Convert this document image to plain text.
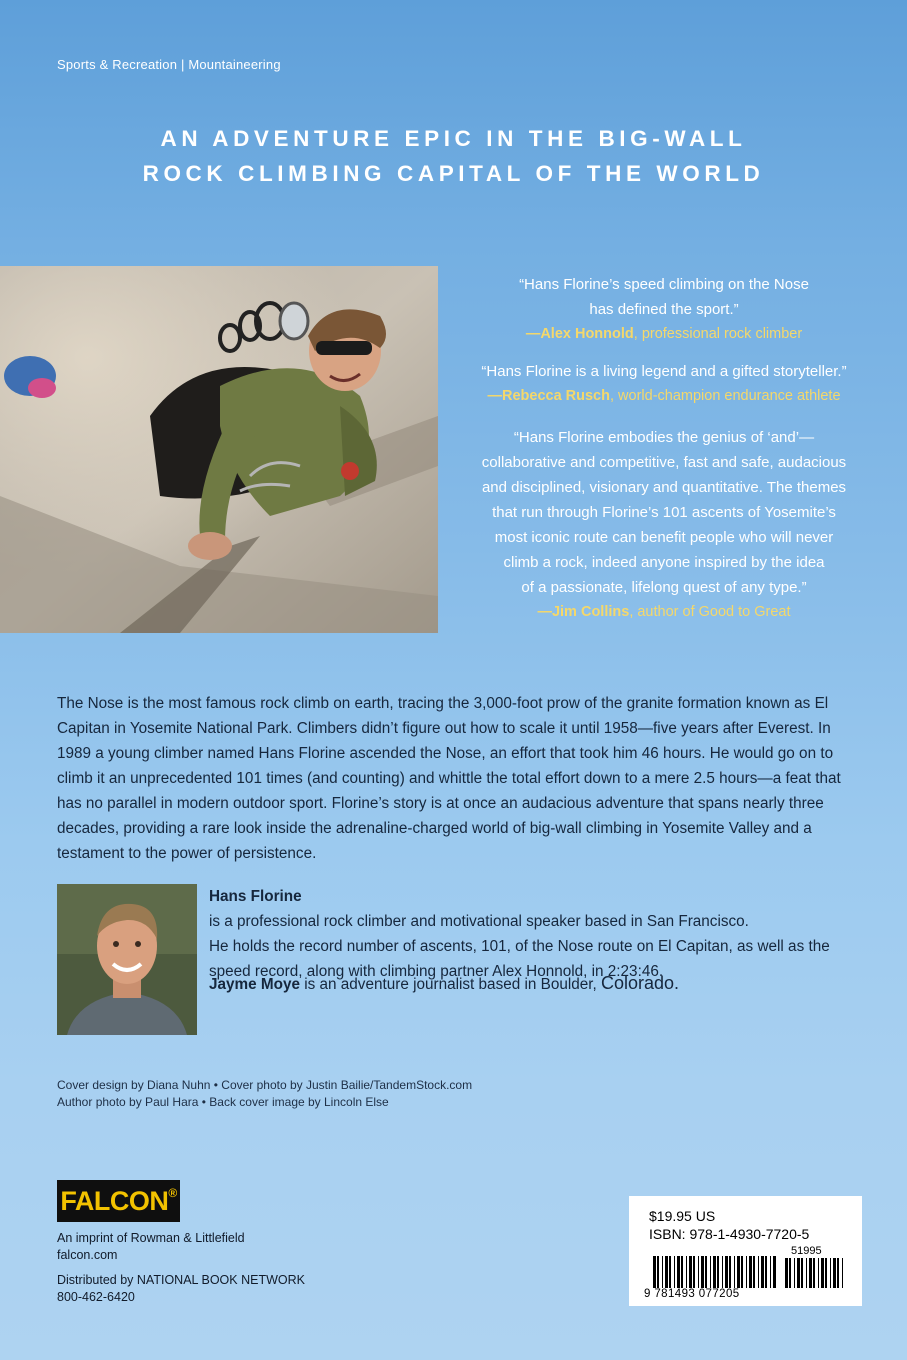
Sports & Recreation | Mountaineering
AN ADVENTURE EPIC IN THE BIG-WALL
ROCK CLIMBING CAPITAL OF THE WORLD
“Hans Florine’s speed climbing on the Nose
has defined the sport.”
—Alex Honnold, professional rock climber
“Hans Florine is a living legend and a gifted storyteller.”
—Rebecca Rusch, world-champion endurance athlete
“Hans Florine embodies the genius of ‘and’—
collaborative and competitive, fast and safe, audacious
and disciplined, visionary and quantitative. The themes
that run through Florine’s 101 ascents of Yosemite’s
most iconic route can benefit people who will never
climb a rock, indeed anyone inspired by the idea
of a passionate, lifelong quest of any type.”
—Jim Collins, author of Good to Great
The Nose is the most famous rock climb on earth, tracing the 3,000-foot prow of the granite formation known as El
Capitan in Yosemite National Park. Climbers didn’t figure out how to scale it until 1958—five years after Everest. In
1989 a young climber named Hans Florine ascended the Nose, an effort that took him 46 hours. He would go on to
climb it an unprecedented 101 times (and counting) and whittle the total effort down to a mere 2.5 hours—a feat that
has no parallel in modern outdoor sport. Florine’s story is at once an audacious adventure that spans nearly three
decades, providing a rare look inside the adrenaline-charged world of big-wall climbing in Yosemite Valley and a
testament to the power of persistence.
Hans Florine
is a professional rock climber and motivational speaker based in San Francisco.
He holds the record number of ascents, 101, of the Nose route on El Capitan, as well as the
speed record, along with climbing partner Alex Honnold, in 2:23:46.
Jayme Moye is an adventure journalist based in Boulder, Colorado.
Cover design by Diana Nuhn • Cover photo by Justin Bailie/TandemStock.com
Author photo by Paul Hara • Back cover image by Lincoln Else
FALCON®
An imprint of Rowman & Littlefield
falcon.com
Distributed by NATIONAL BOOK NETWORK
800-462-6420
$19.95 US
ISBN: 978-1-4930-7720-5
51995
9 781493 077205
